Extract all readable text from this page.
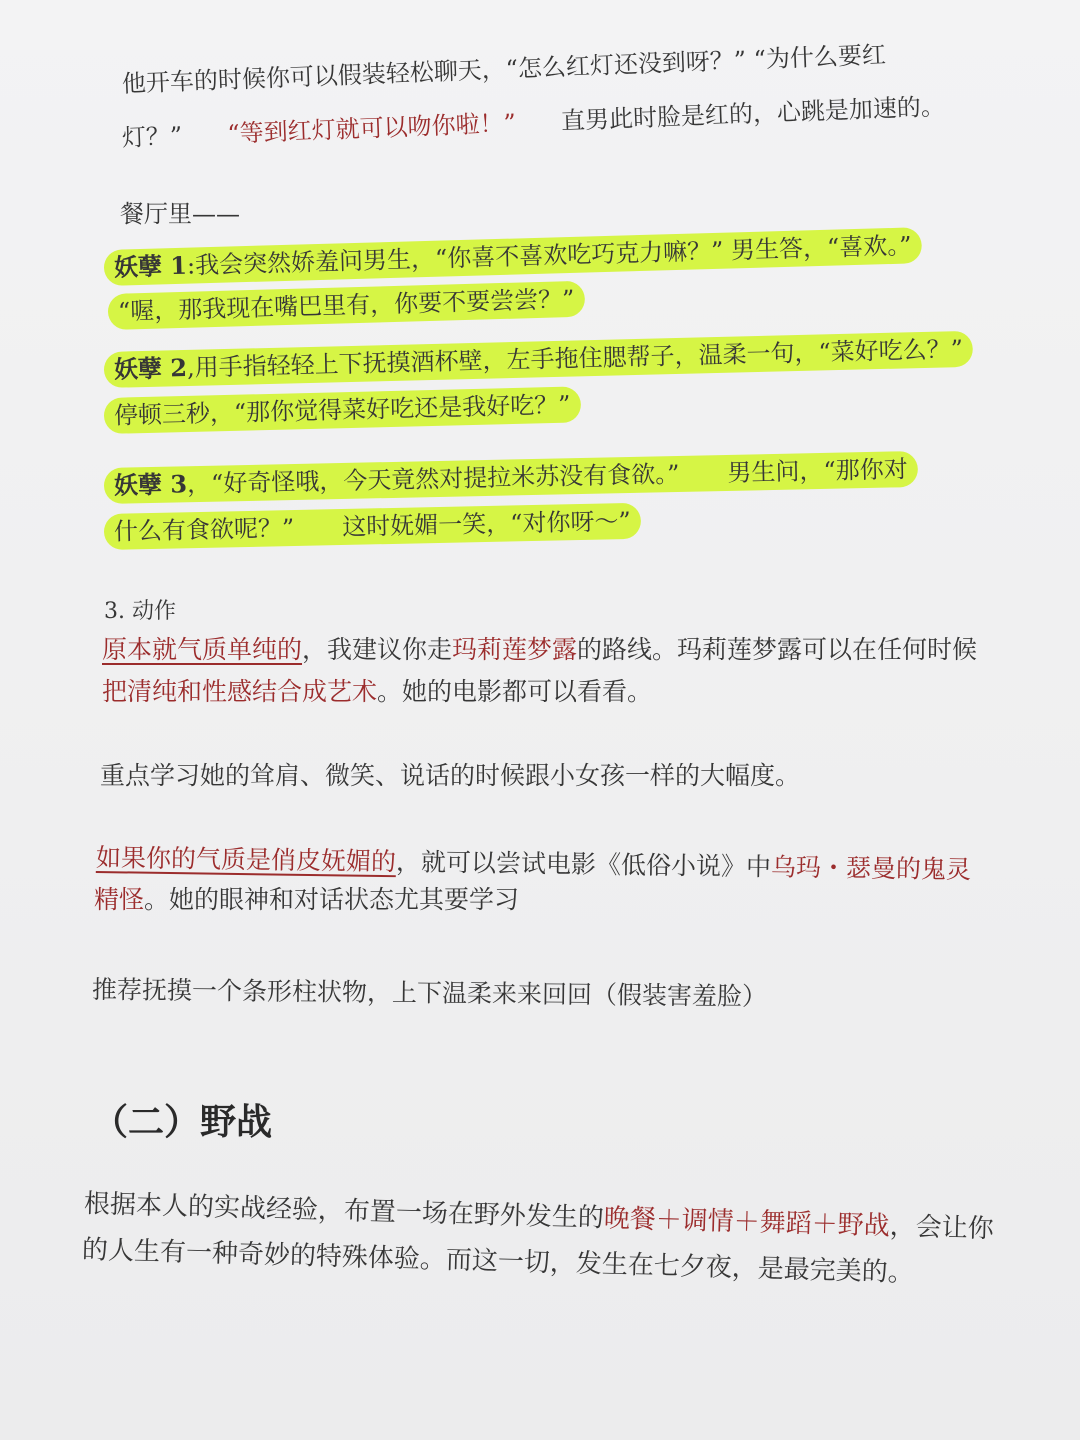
他开车的时候你可以假装轻松聊天，“怎么红灯还没到呀？” “为什么要红
灯？” “等到红灯就可以吻你啦！” 直男此时脸是红的，心跳是加速的。
餐厅里——
妖孽 1:我会突然娇羞问男生，“你喜不喜欢吃巧克力嘛？” 男生答，“喜欢。”
“喔，那我现在嘴巴里有，你要不要尝尝？”
妖孽 2,用手指轻轻上下抚摸酒杯壁，左手拖住腮帮子，温柔一句，“菜好吃么？”
停顿三秒，“那你觉得菜好吃还是我好吃？”
妖孽 3，“好奇怪哦，今天竟然对提拉米苏没有食欲。”　　男生问，“那你对
什么有食欲呢？”　　这时妩媚一笑，“对你呀～”
3. 动作
原本就气质单纯的，我建议你走玛莉莲梦露的路线。玛莉莲梦露可以在任何时候
把清纯和性感结合成艺术。她的电影都可以看看。
重点学习她的耸肩、微笑、说话的时候跟小女孩一样的大幅度。
如果你的气质是俏皮妩媚的，就可以尝试电影《低俗小说》中乌玛・瑟曼的鬼灵
精怪。她的眼神和对话状态尤其要学习
推荐抚摸一个条形柱状物，上下温柔来来回回（假装害羞脸）
（二）野战
根据本人的实战经验，布置一场在野外发生的晚餐＋调情＋舞蹈＋野战，会让你
的人生有一种奇妙的特殊体验。而这一切，发生在七夕夜，是最完美的。
